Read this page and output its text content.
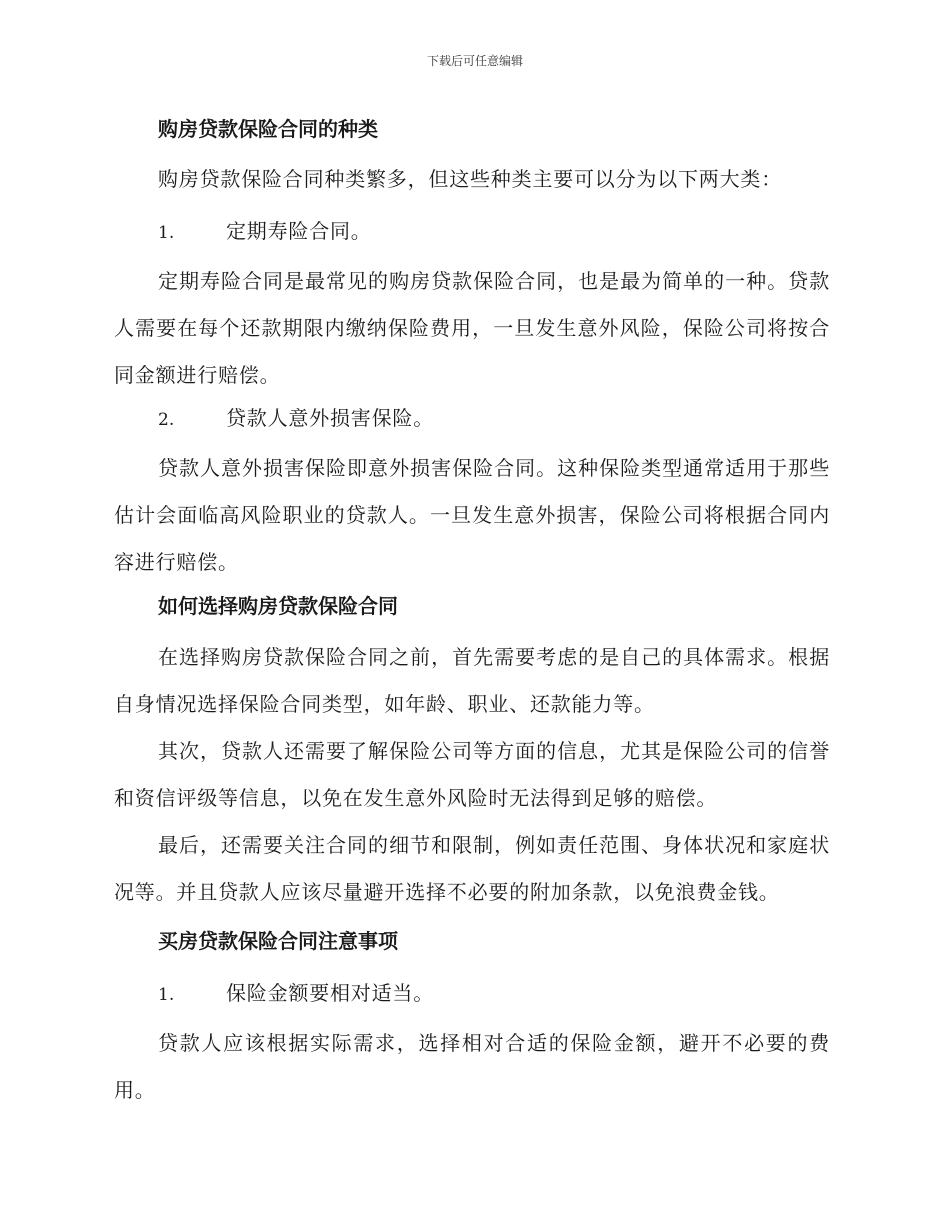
下载后可任意编辑
购房贷款保险合同的种类
购房贷款保险合同种类繁多，但这些种类主要可以分为以下两大类：
1.	定期寿险合同。
定期寿险合同是最常见的购房贷款保险合同，也是最为简单的一种。贷款人需要在每个还款期限内缴纳保险费用，一旦发生意外风险，保险公司将按合同金额进行赔偿。
2.	贷款人意外损害保险。
贷款人意外损害保险即意外损害保险合同。这种保险类型通常适用于那些估计会面临高风险职业的贷款人。一旦发生意外损害，保险公司将根据合同内容进行赔偿。
如何选择购房贷款保险合同
在选择购房贷款保险合同之前，首先需要考虑的是自己的具体需求。根据自身情况选择保险合同类型，如年龄、职业、还款能力等。
其次，贷款人还需要了解保险公司等方面的信息，尤其是保险公司的信誉和资信评级等信息，以免在发生意外风险时无法得到足够的赔偿。
最后，还需要关注合同的细节和限制，例如责任范围、身体状况和家庭状况等。并且贷款人应该尽量避开选择不必要的附加条款，以免浪费金钱。
买房贷款保险合同注意事项
1.	保险金额要相对适当。
贷款人应该根据实际需求，选择相对合适的保险金额，避开不必要的费用。
